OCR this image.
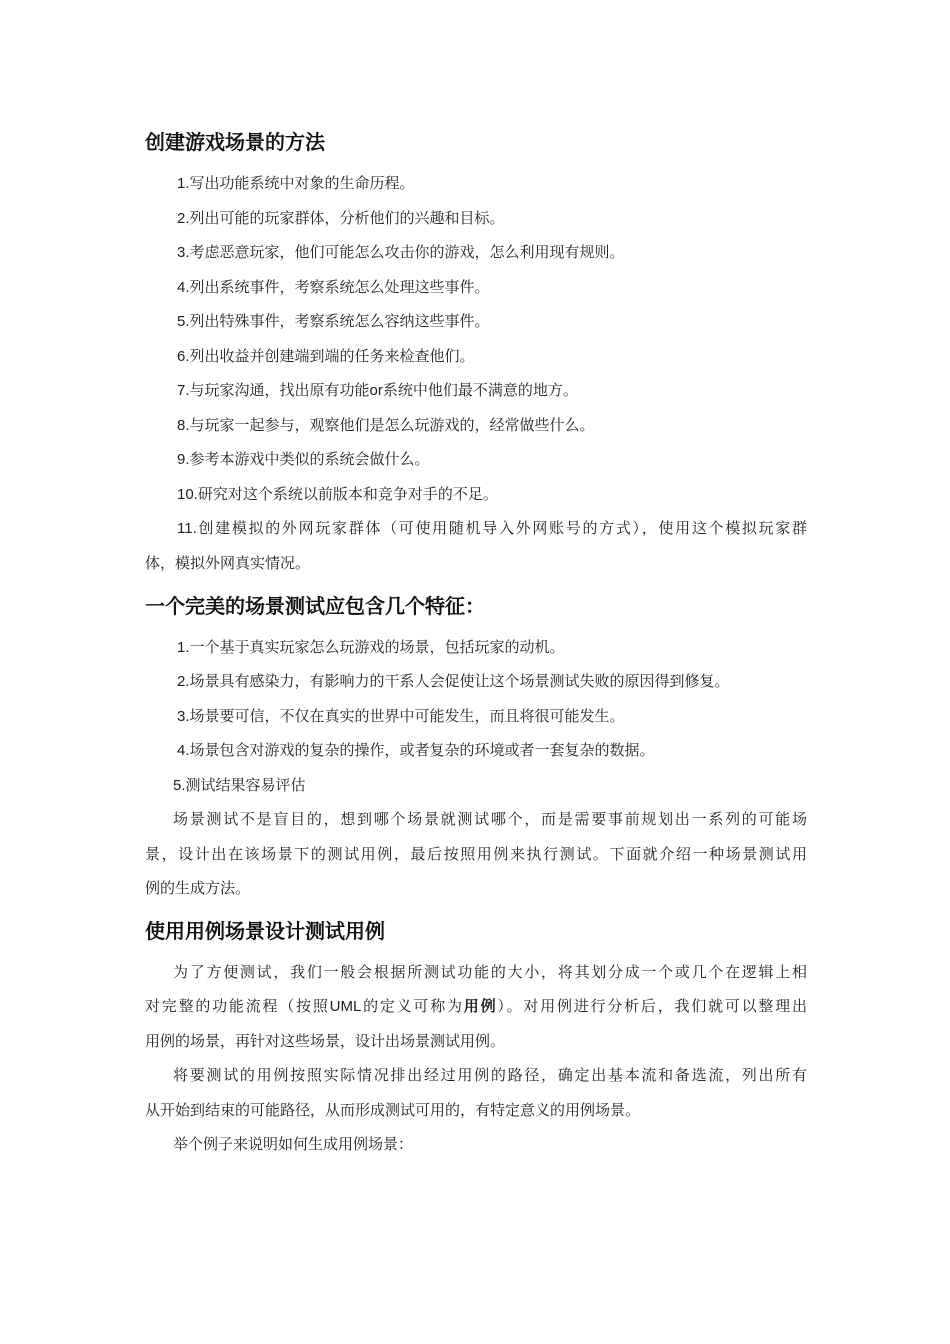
创建游戏场景的方法
1.写出功能系统中对象的生命历程。
2.列出可能的玩家群体，分析他们的兴趣和目标。
3.考虑恶意玩家，他们可能怎么攻击你的游戏，怎么利用现有规则。
4.列出系统事件，考察系统怎么处理这些事件。
5.列出特殊事件，考察系统怎么容纳这些事件。
6.列出收益并创建端到端的任务来检查他们。
7.与玩家沟通，找出原有功能or系统中他们最不满意的地方。
8.与玩家一起参与，观察他们是怎么玩游戏的，经常做些什么。
9.参考本游戏中类似的系统会做什么。
10.研究对这个系统以前版本和竞争对手的不足。
11.创建模拟的外网玩家群体（可使用随机导入外网账号的方式），使用这个模拟玩家群
体，模拟外网真实情况。
一个完美的场景测试应包含几个特征：
1.一个基于真实玩家怎么玩游戏的场景，包括玩家的动机。
2.场景具有感染力，有影响力的干系人会促使让这个场景测试失败的原因得到修复。
3.场景要可信，不仅在真实的世界中可能发生，而且将很可能发生。
4.场景包含对游戏的复杂的操作，或者复杂的环境或者一套复杂的数据。
5.测试结果容易评估
场景测试不是盲目的，想到哪个场景就测试哪个，而是需要事前规划出一系列的可能场
景，设计出在该场景下的测试用例，最后按照用例来执行测试。下面就介绍一种场景测试用
例的生成方法。
使用用例场景设计测试用例
为了方便测试，我们一般会根据所测试功能的大小，将其划分成一个或几个在逻辑上相
对完整的功能流程（按照UML的定义可称为用例）。对用例进行分析后，我们就可以整理出
用例的场景，再针对这些场景，设计出场景测试用例。
将要测试的用例按照实际情况排出经过用例的路径，确定出基本流和备选流，列出所有
从开始到结束的可能路径，从而形成测试可用的，有特定意义的用例场景。
举个例子来说明如何生成用例场景：
